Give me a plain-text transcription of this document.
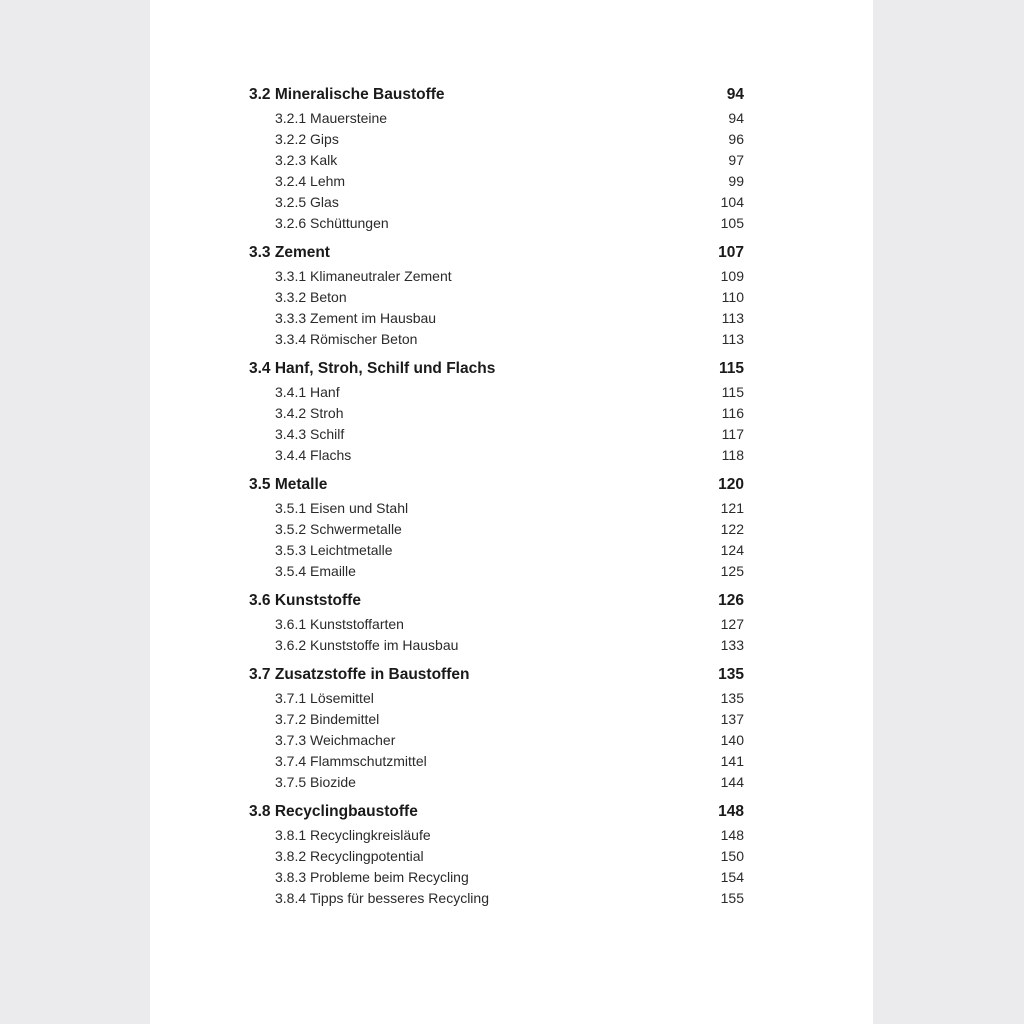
3.2 Mineralische Baustoffe	94
3.2.1 Mauersteine	94
3.2.2 Gips	96
3.2.3 Kalk	97
3.2.4 Lehm	99
3.2.5 Glas	104
3.2.6 Schüttungen	105
3.3 Zement	107
3.3.1 Klimaneutraler Zement	109
3.3.2 Beton	110
3.3.3 Zement im Hausbau	113
3.3.4 Römischer Beton	113
3.4 Hanf, Stroh, Schilf und Flachs	115
3.4.1 Hanf	115
3.4.2 Stroh	116
3.4.3 Schilf	117
3.4.4 Flachs	118
3.5 Metalle	120
3.5.1 Eisen und Stahl	121
3.5.2 Schwermetalle	122
3.5.3 Leichtmetalle	124
3.5.4 Emaille	125
3.6 Kunststoffe	126
3.6.1 Kunststoffarten	127
3.6.2 Kunststoffe im Hausbau	133
3.7 Zusatzstoffe in Baustoffen	135
3.7.1 Lösemittel	135
3.7.2 Bindemittel	137
3.7.3 Weichmacher	140
3.7.4 Flammschutzmittel	141
3.7.5 Biozide	144
3.8 Recyclingbaustoffe	148
3.8.1 Recyclingkreisläufe	148
3.8.2 Recyclingpotential	150
3.8.3 Probleme beim Recycling	154
3.8.4 Tipps für besseres Recycling	155
